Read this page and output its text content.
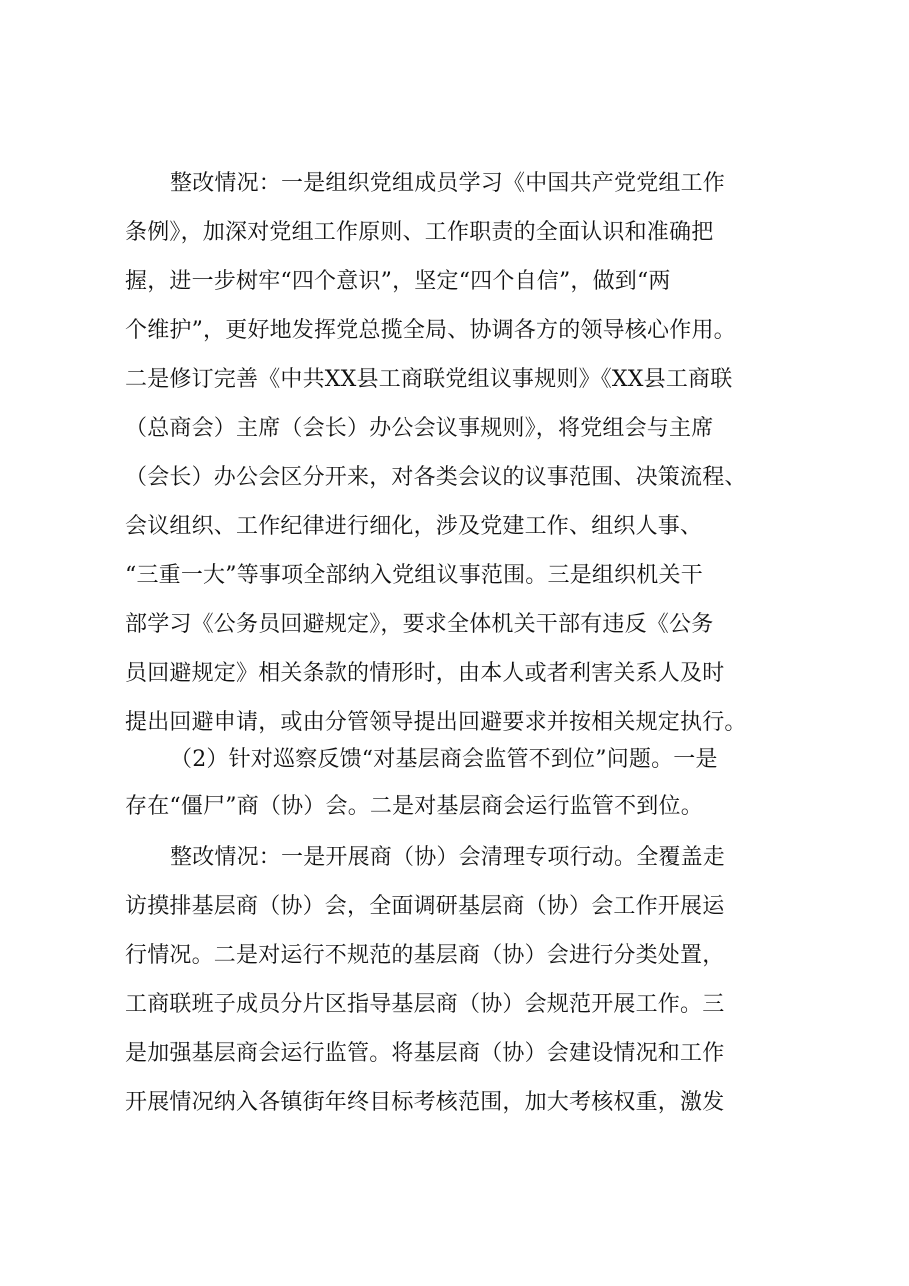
整改情况：一是组织党组成员学习《中国共产党党组工作
条例》，加深对党组工作原则、工作职责的全面认识和准确把
握，进一步树牢“四个意识”，坚定“四个自信”，做到“两
个维护”，更好地发挥党总揽全局、协调各方的领导核心作用。
二是修订完善《中共XX县工商联党组议事规则》《XX县工商联
（总商会）主席（会长）办公会议事规则》，将党组会与主席
（会长）办公会区分开来，对各类会议的议事范围、决策流程、
会议组织、工作纪律进行细化，涉及党建工作、组织人事、
“三重一大”等事项全部纳入党组议事范围。三是组织机关干
部学习《公务员回避规定》，要求全体机关干部有违反《公务
员回避规定》相关条款的情形时，由本人或者利害关系人及时
提出回避申请，或由分管领导提出回避要求并按相关规定执行。
（2）针对巡察反馈“对基层商会监管不到位”问题。一是
存在“僵尸”商（协）会。二是对基层商会运行监管不到位。
整改情况：一是开展商（协）会清理专项行动。全覆盖走
访摸排基层商（协）会，全面调研基层商（协）会工作开展运
行情况。二是对运行不规范的基层商（协）会进行分类处置，
工商联班子成员分片区指导基层商（协）会规范开展工作。三
是加强基层商会运行监管。将基层商（协）会建设情况和工作
开展情况纳入各镇街年终目标考核范围，加大考核权重，激发
